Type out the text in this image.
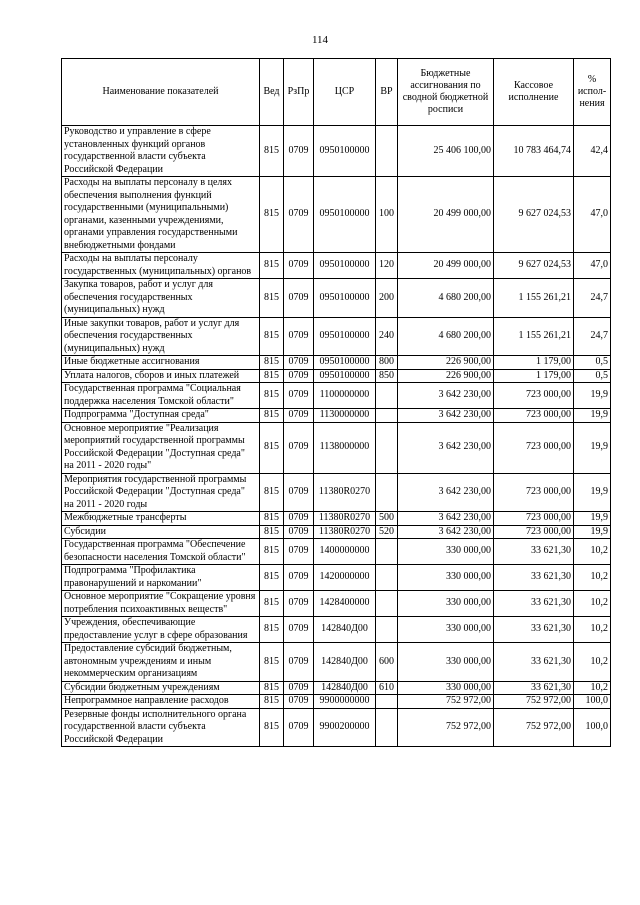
114
Наименование показателей	Вед	РзПр	ЦСР	ВР	Бюджетные ассигнования по сводной бюджетной росписи	Кассовое исполнение	% испол-нения
Руководство и управление в сфере установленных функций органов государственной власти субъекта Российской Федерации	815	0709	0950100000		25 406 100,00	10 783 464,74	42,4
Расходы на выплаты персоналу в целях обеспечения выполнения функций государственными (муниципальными) органами, казенными учреждениями, органами управления государственными внебюджетными фондами	815	0709	0950100000	100	20 499 000,00	9 627 024,53	47,0
Расходы на выплаты персоналу государственных (муниципальных) органов	815	0709	0950100000	120	20 499 000,00	9 627 024,53	47,0
Закупка товаров, работ и услуг для обеспечения государственных (муниципальных) нужд	815	0709	0950100000	200	4 680 200,00	1 155 261,21	24,7
Иные закупки товаров, работ и услуг для обеспечения государственных (муниципальных) нужд	815	0709	0950100000	240	4 680 200,00	1 155 261,21	24,7
Иные бюджетные ассигнования	815	0709	0950100000	800	226 900,00	1 179,00	0,5
Уплата налогов, сборов и иных платежей	815	0709	0950100000	850	226 900,00	1 179,00	0,5
Государственная программа "Социальная поддержка населения Томской области"	815	0709	1100000000		3 642 230,00	723 000,00	19,9
Подпрограмма "Доступная среда"	815	0709	1130000000		3 642 230,00	723 000,00	19,9
Основное мероприятие "Реализация мероприятий государственной программы Российской Федерации "Доступная среда" на 2011 - 2020 годы"	815	0709	1138000000		3 642 230,00	723 000,00	19,9
Мероприятия государственной программы Российской Федерации "Доступная среда" на 2011 - 2020 годы	815	0709	11380R0270		3 642 230,00	723 000,00	19,9
Межбюджетные трансферты	815	0709	11380R0270	500	3 642 230,00	723 000,00	19,9
Субсидии	815	0709	11380R0270	520	3 642 230,00	723 000,00	19,9
Государственная программа "Обеспечение безопасности населения Томской области"	815	0709	1400000000		330 000,00	33 621,30	10,2
Подпрограмма "Профилактика правонарушений и наркомании"	815	0709	1420000000		330 000,00	33 621,30	10,2
Основное мероприятие "Сокращение уровня потребления психоактивных веществ"	815	0709	1428400000		330 000,00	33 621,30	10,2
Учреждения, обеспечивающие предоставление услуг в сфере образования	815	0709	142840Д00		330 000,00	33 621,30	10,2
Предоставление субсидий бюджетным, автономным учреждениям и иным некоммерческим организациям	815	0709	142840Д00	600	330 000,00	33 621,30	10,2
Субсидии бюджетным учреждениям	815	0709	142840Д00	610	330 000,00	33 621,30	10,2
Непрограммное направление расходов	815	0709	9900000000		752 972,00	752 972,00	100,0
Резервные фонды исполнительного органа государственной власти субъекта Российской Федерации	815	0709	9900200000		752 972,00	752 972,00	100,0
